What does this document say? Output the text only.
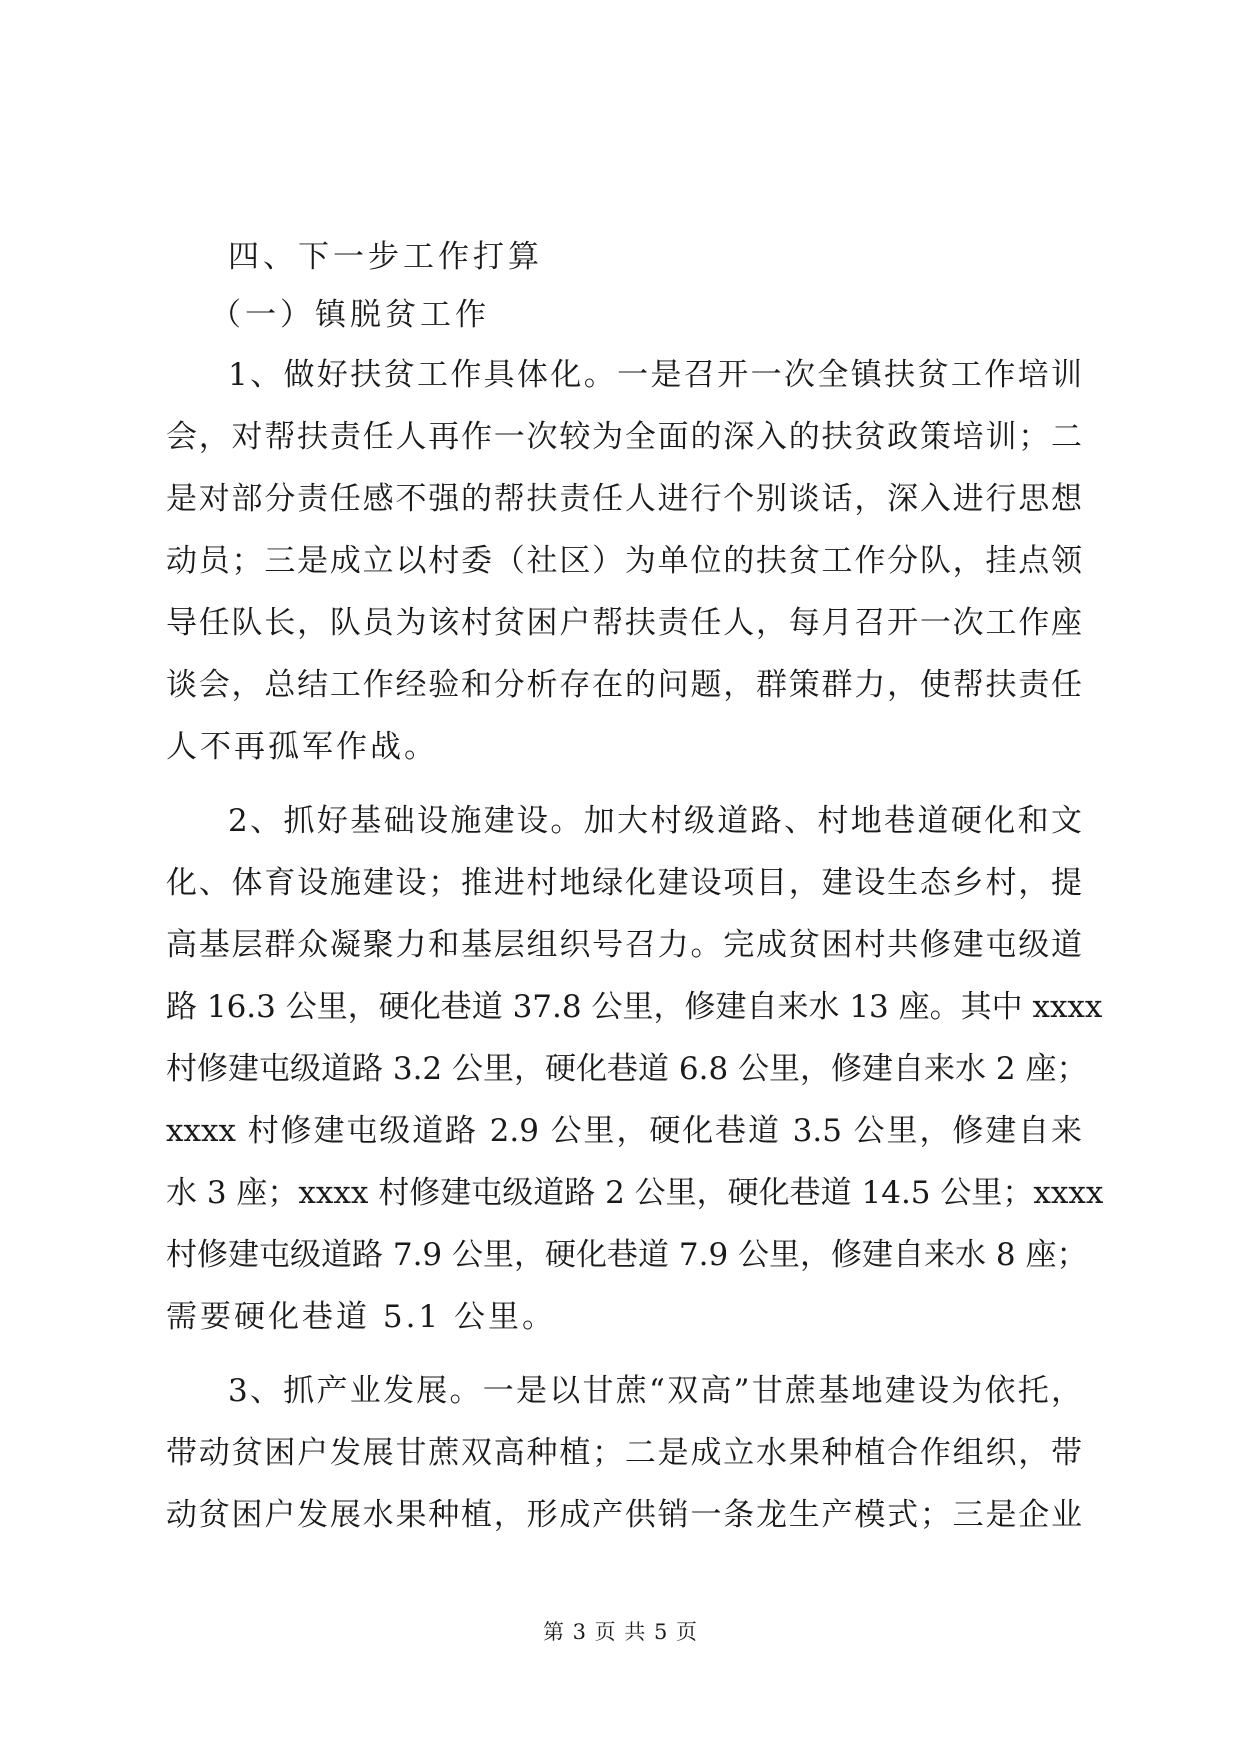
四、下一步工作打算
（一）镇脱贫工作
1、做好扶贫工作具体化。一是召开一次全镇扶贫工作培训
会，对帮扶责任人再作一次较为全面的深入的扶贫政策培训；二
是对部分责任感不强的帮扶责任人进行个别谈话，深入进行思想
动员；三是成立以村委（社区）为单位的扶贫工作分队，挂点领
导任队长，队员为该村贫困户帮扶责任人，每月召开一次工作座
谈会，总结工作经验和分析存在的问题，群策群力，使帮扶责任
人不再孤军作战。
2、抓好基础设施建设。加大村级道路、村地巷道硬化和文
化、体育设施建设；推进村地绿化建设项目，建设生态乡村，提
高基层群众凝聚力和基层组织号召力。完成贫困村共修建屯级道
路 16.3 公里，硬化巷道 37.8 公里，修建自来水 13 座。其中 xxxx
村修建屯级道路 3.2 公里，硬化巷道 6.8 公里，修建自来水 2 座；
xxxx 村修建屯级道路 2.9 公里，硬化巷道 3.5 公里，修建自来
水 3 座；xxxx 村修建屯级道路 2 公里，硬化巷道 14.5 公里；xxxx
村修建屯级道路 7.9 公里，硬化巷道 7.9 公里，修建自来水 8 座；
需要硬化巷道 5.1 公里。
3、抓产业发展。一是以甘蔗“双高”甘蔗基地建设为依托，
带动贫困户发展甘蔗双高种植；二是成立水果种植合作组织，带
动贫困户发展水果种植，形成产供销一条龙生产模式；三是企业
第 3 页 共 5 页
